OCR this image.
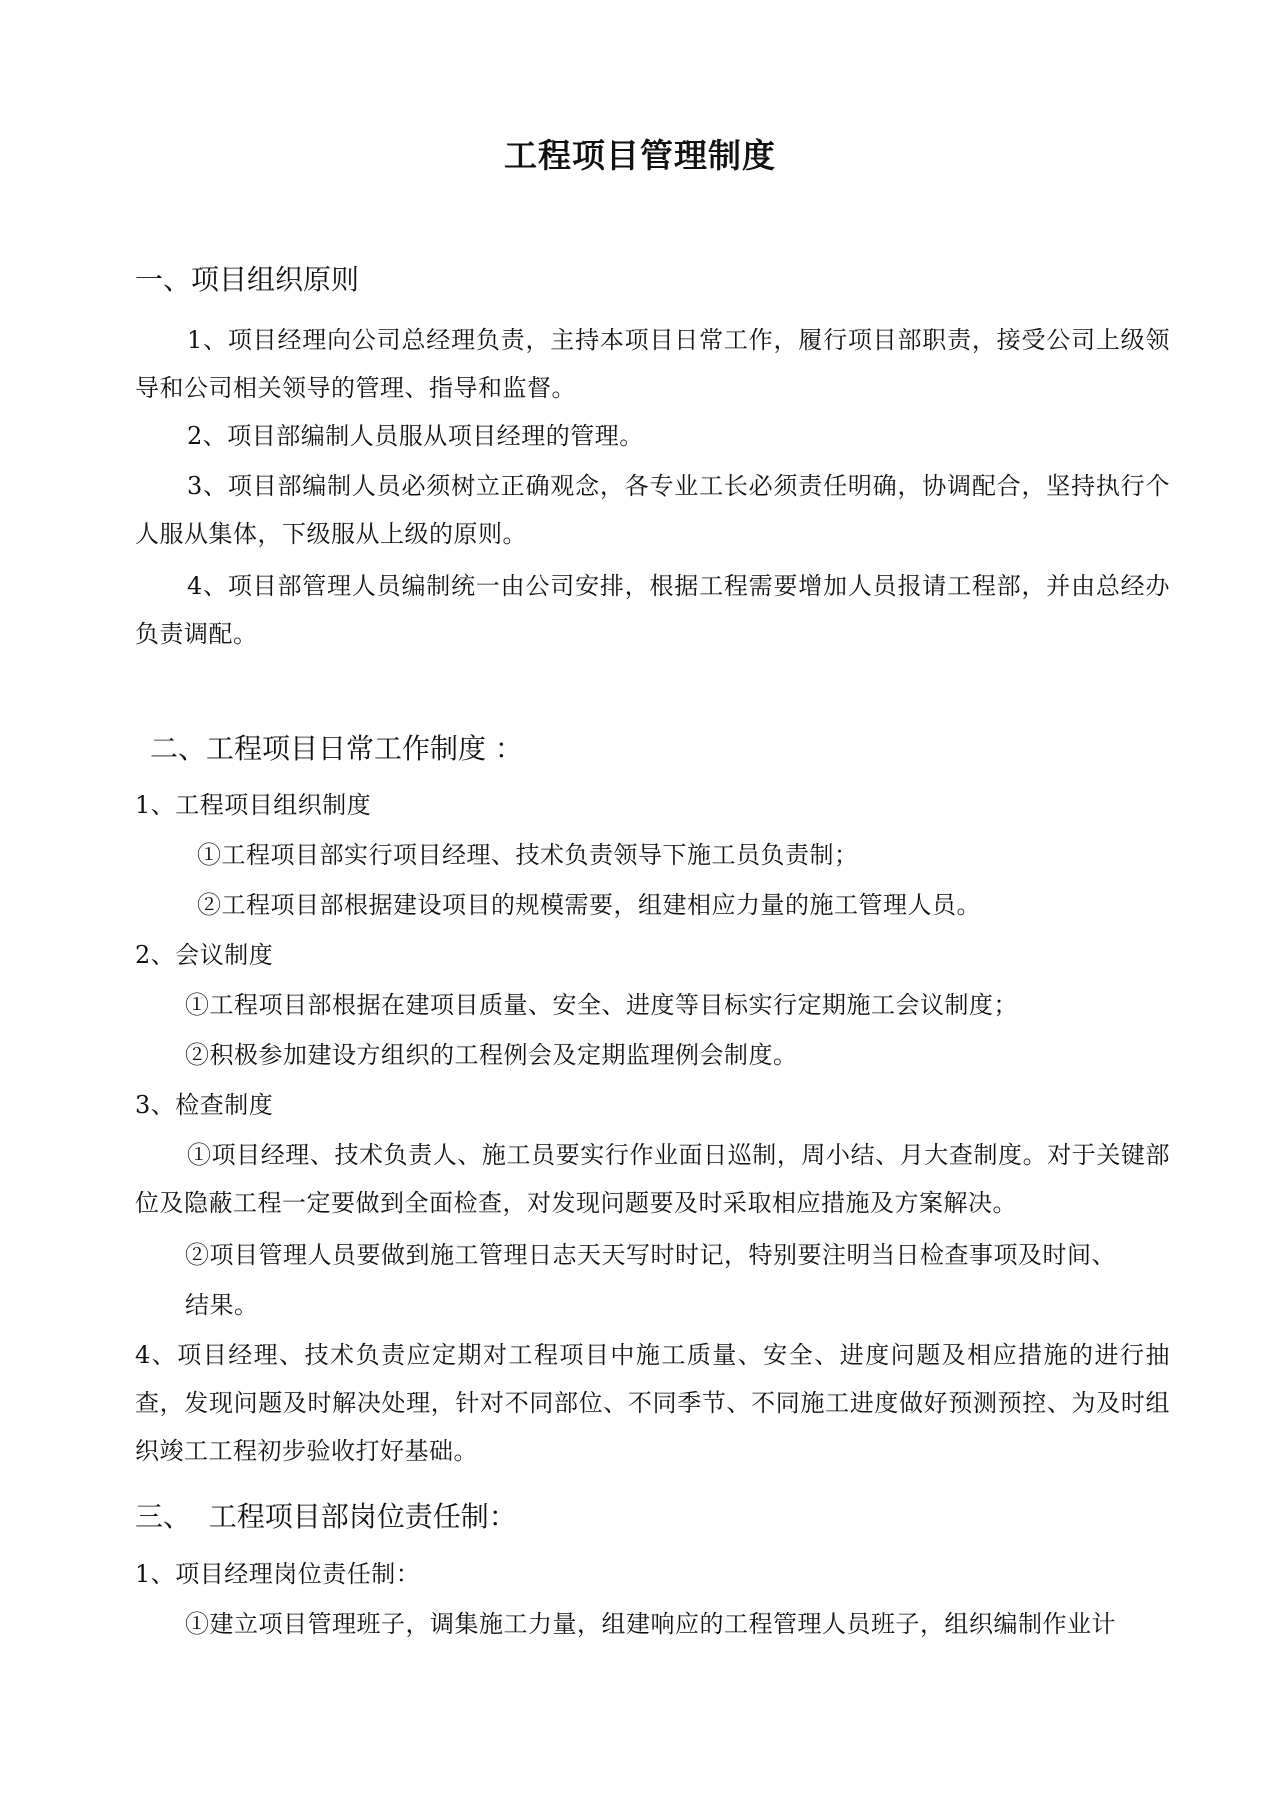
工程项目管理制度
一、项目组织原则

1、项目经理向公司总经理负责，主持本项目日常工作，履行项目部职责，接受公司上级领导和公司相关领导的管理、指导和监督。

2、项目部编制人员服从项目经理的管理。

3、项目部编制人员必须树立正确观念，各专业工长必须责任明确，协调配合，坚持执行个人服从集体，下级服从上级的原则。

4、项目部管理人员编制统一由公司安排，根据工程需要增加人员报请工程部，并由总经办负责调配。

二、工程项目日常工作制度 ：

1、工程项目组织制度

①工程项目部实行项目经理、技术负责领导下施工员负责制；

②工程项目部根据建设项目的规模需要，组建相应力量的施工管理人员。

2、会议制度

①工程项目部根据在建项目质量、安全、进度等目标实行定期施工会议制度；

②积极参加建设方组织的工程例会及定期监理例会制度。

3、检查制度

①项目经理、技术负责人、施工员要实行作业面日巡制，周小结、月大查制度。对于关键部位及隐蔽工程一定要做到全面检查，对发现问题要及时采取相应措施及方案解决。

②项目管理人员要做到施工管理日志天天写时时记，特别要注明当日检查事项及时间、

结果。

4、项目经理、技术负责应定期对工程项目中施工质量、安全、进度问题及相应措施的进行抽查，发现问题及时解决处理，针对不同部位、不同季节、不同施工进度做好预测预控、为及时组织竣工工程初步验收打好基础。

三、  工程项目部岗位责任制：

1、项目经理岗位责任制：

①建立项目管理班子，调集施工力量，组建响应的工程管理人员班子，组织编制作业计
